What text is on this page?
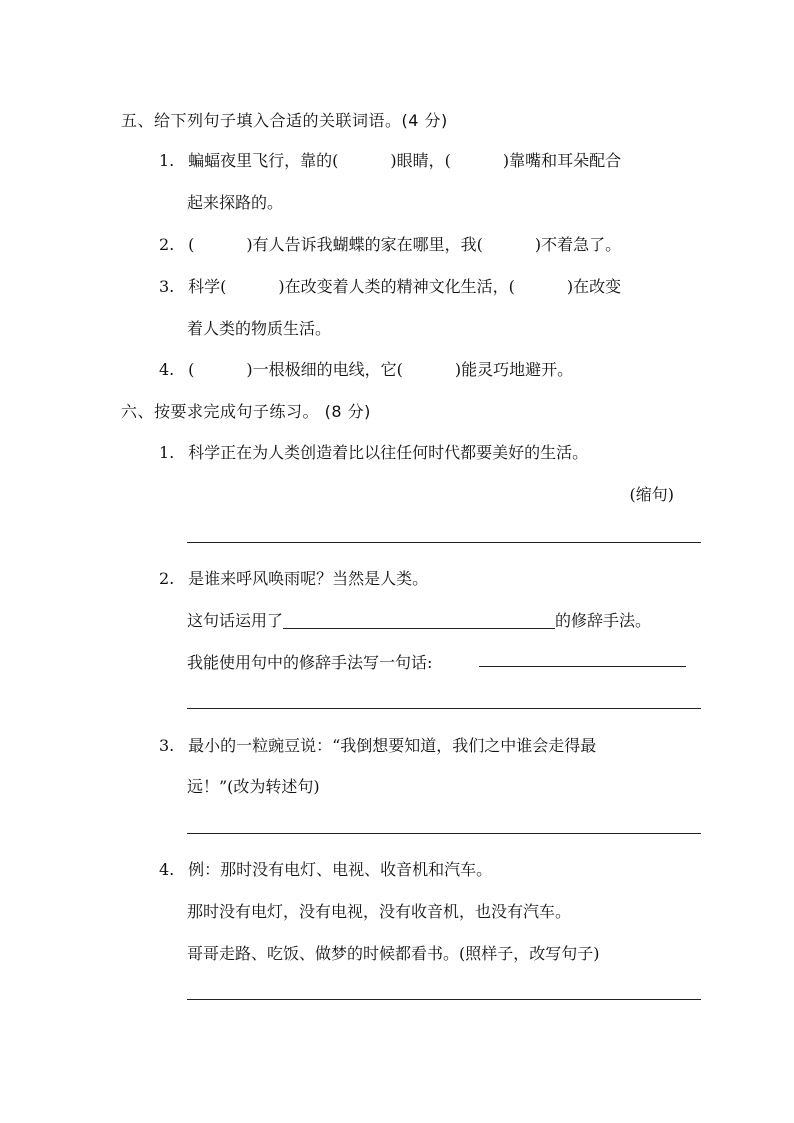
五、给下列句子填入合适的关联词语。(4 分)
1. 蝙蝠夜里飞行，靠的(	)眼睛，(	)靠嘴和耳朵配合
起来探路的。
2. (	)有人告诉我蝴蝶的家在哪里，我(	)不着急了。
3. 科学(	)在改变着人类的精神文化生活，(	)在改变
着人类的物质生活。
4. (	)一根极细的电线，它(	)能灵巧地避开。
六、按要求完成句子练习。 (8 分)
1. 科学正在为人类创造着比以往任何时代都要美好的生活。
(缩句)
2. 是谁来呼风唤雨呢？当然是人类。
这句话运用了	的修辞手法。
我能使用句中的修辞手法写一句话:
3. 最小的一粒豌豆说：“我倒想要知道，我们之中谁会走得最
远！”(改为转述句)
4. 例：那时没有电灯、电视、收音机和汽车。
那时没有电灯，没有电视，没有收音机，也没有汽车。
哥哥走路、吃饭、做梦的时候都看书。(照样子，改写句子)
